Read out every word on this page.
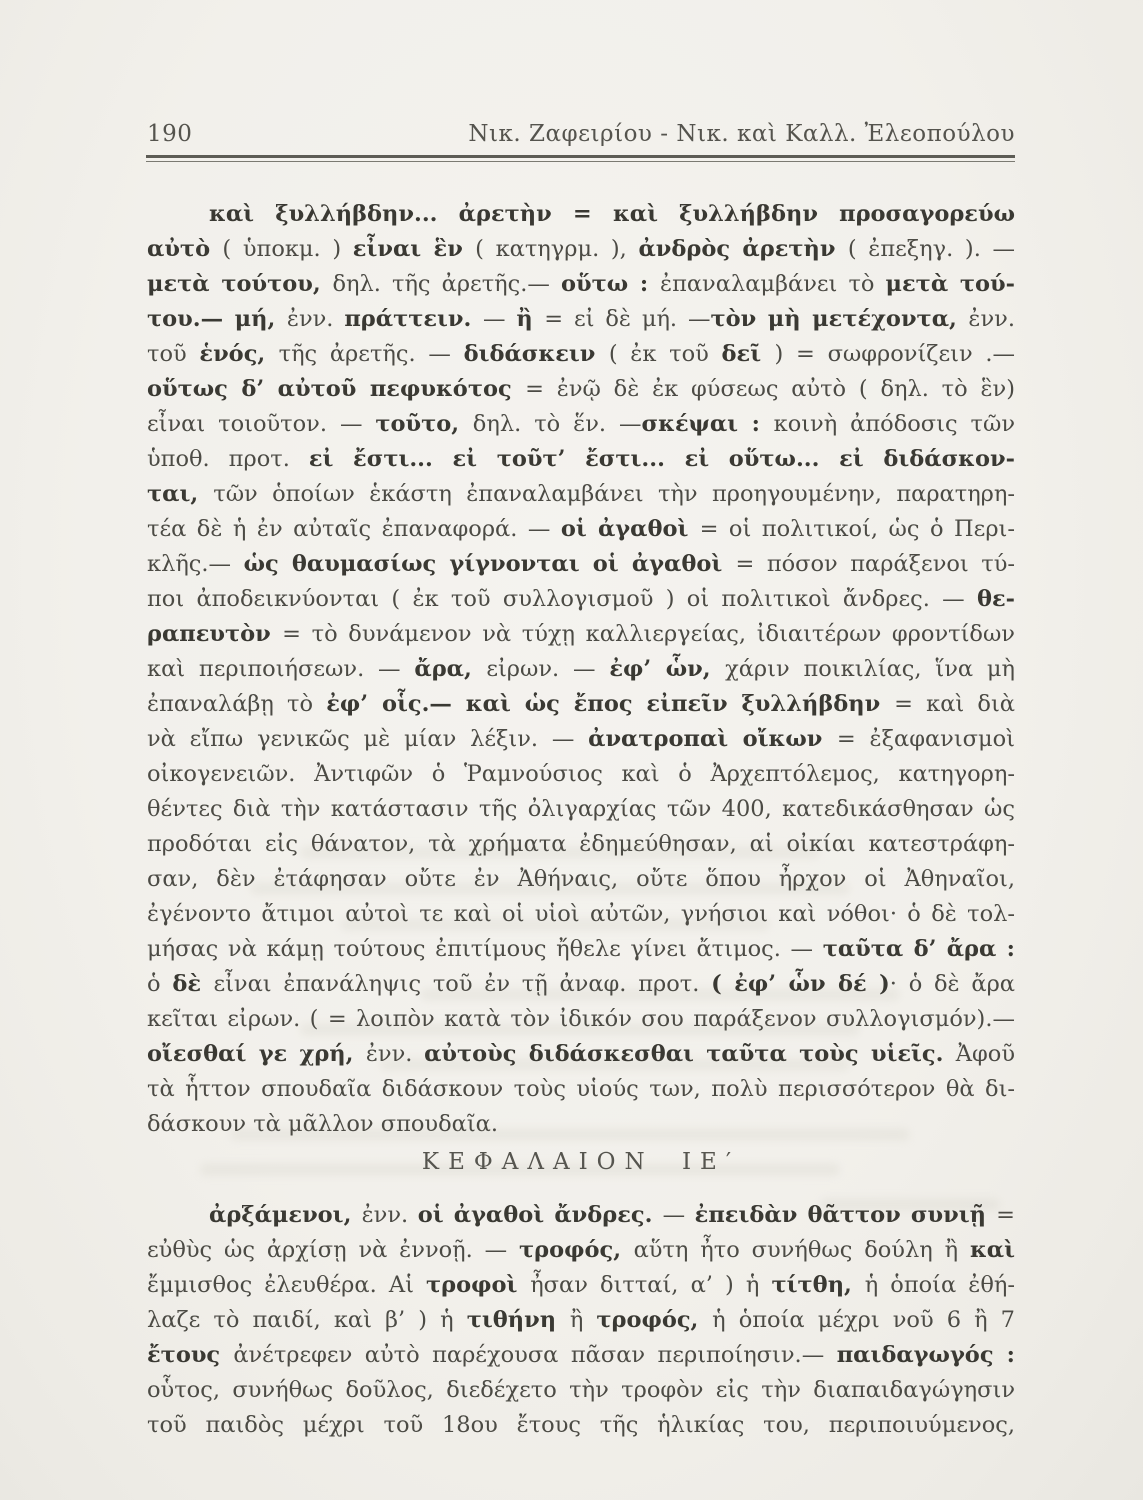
190	Νικ. Ζαφειρίου - Νικ. καὶ Καλλ. Ἐλεοπούλου
καὶ ξυλλήβδην... ἀρετὴν = καὶ ξυλλήβδην προσαγορεύω
αὐτὸ ( ὑποκμ. ) εἶναι ἓν ( κατηγρμ. ), ἀνδρὸς ἀρετὴν ( ἐπεξηγ. ). —
μετὰ τούτου, δηλ. τῆς ἀρετῆς.— οὕτω : ἐπαναλαμβάνει τὸ μετὰ τού-
του.— μή, ἐνν. πράττειν. — ἢ = εἰ δὲ μή. —τὸν μὴ μετέχοντα, ἐνν.
τοῦ ἑνός, τῆς ἀρετῆς. — διδάσκειν ( ἐκ τοῦ δεῖ ) = σωφρονίζειν .—
οὕτως δ’ αὐτοῦ πεφυκότος = ἐνῷ δὲ ἐκ φύσεως αὐτὸ ( δηλ. τὸ ἓν)
εἶναι τοιοῦτον. — τοῦτο, δηλ. τὸ ἕν. —σκέψαι : κοινὴ ἀπόδοσις τῶν
ὑποθ. προτ. εἰ ἔστι... εἰ τοῦτ’ ἔστι... εἰ οὕτω... εἰ διδάσκον-
ται, τῶν ὁποίων ἑκάστη ἐπαναλαμβάνει τὴν προηγουμένην, παρατηρη-
τέα δὲ ἡ ἐν αὐταῖς ἐπαναφορά. — οἱ ἀγαθοὶ = οἱ πολιτικοί, ὡς ὁ Περι-
κλῆς.— ὡς θαυμασίως γίγνονται οἱ ἀγαθοὶ = πόσον παράξενοι τύ-
ποι ἀποδεικνύονται ( ἐκ τοῦ συλλογισμοῦ ) οἱ πολιτικοὶ ἄνδρες. — θε-
ραπευτὸν = τὸ δυνάμενον νὰ τύχῃ καλλιεργείας, ἰδιαιτέρων φροντίδων
καὶ περιποιήσεων. — ἄρα, εἰρων. — ἐφ’ ὧν, χάριν ποικιλίας, ἵνα μὴ
ἐπαναλάβῃ τὸ ἐφ’ οἷς.— καὶ ὡς ἔπος εἰπεῖν ξυλλήβδην = καὶ διὰ
νὰ εἴπω γενικῶς μὲ μίαν λέξιν. — ἀνατροπαὶ οἴκων = ἐξαφανισμοὶ
οἰκογενειῶν. Ἀντιφῶν ὁ Ῥαμνούσιος καὶ ὁ Ἀρχεπτόλεμος, κατηγορη-
θέντες διὰ τὴν κατάστασιν τῆς ὀλιγαρχίας τῶν 400, κατεδικάσθησαν ὡς
προδόται εἰς θάνατον, τὰ χρήματα ἐδημεύθησαν, αἱ οἰκίαι κατεστράφη-
σαν, δὲν ἐτάφησαν οὔτε ἐν Ἀθήναις, οὔτε ὅπου ἦρχον οἱ Ἀθηναῖοι,
ἐγένοντο ἄτιμοι αὐτοὶ τε καὶ οἱ υἱοὶ αὐτῶν, γνήσιοι καὶ νόθοι· ὁ δὲ τολ-
μήσας νὰ κάμῃ τούτους ἐπιτίμους ἤθελε γίνει ἄτιμος. — ταῦτα δ’ ἄρα :
ὁ δὲ εἶναι ἐπανάληψις τοῦ ἐν τῇ ἀναφ. προτ. ( ἐφ’ ὧν δέ )· ὁ δὲ ἄρα
κεῖται εἰρων. ( = λοιπὸν κατὰ τὸν ἰδικόν σου παράξενον συλλογισμόν).—
οἴεσθαί γε χρή, ἐνν. αὐτοὺς διδάσκεσθαι ταῦτα τοὺς υἱεῖς. Ἀφοῦ
τὰ ἧττον σπουδαῖα διδάσκουν τοὺς υἱούς των, πολὺ περισσότερον θὰ δι-
δάσκουν τὰ μᾶλλον σπουδαῖα.
ΚΕΦΑΛΑΙΟΝ ΙΕ′
ἀρξάμενοι, ἐνν. οἱ ἀγαθοὶ ἄνδρες. — ἐπειδὰν θᾶττον συνιῇ =
εὐθὺς ὡς ἀρχίσῃ νὰ ἐννοῇ. — τροφός, αὕτη ἦτο συνήθως δούλη ἢ καὶ
ἔμμισθος ἐλευθέρα. Αἱ τροφοὶ ἦσαν διτταί, α’ ) ἡ τίτθη, ἡ ὁποία ἐθή-
λαζε τὸ παιδί, καὶ β’ ) ἡ τιθήνη ἢ τροφός, ἡ ὁποία μέχρι νοῦ 6 ἢ 7
ἔτους ἀνέτρεφεν αὐτὸ παρέχουσα πᾶσαν περιποίησιν.— παιδαγωγός :
οὗτος, συνήθως δοῦλος, διεδέχετο τὴν τροφὸν εἰς τὴν διαπαιδαγώγησιν
τοῦ παιδὸς μέχρι τοῦ 18ου ἔτους τῆς ἡλικίας του, περιποιυύμενος,
